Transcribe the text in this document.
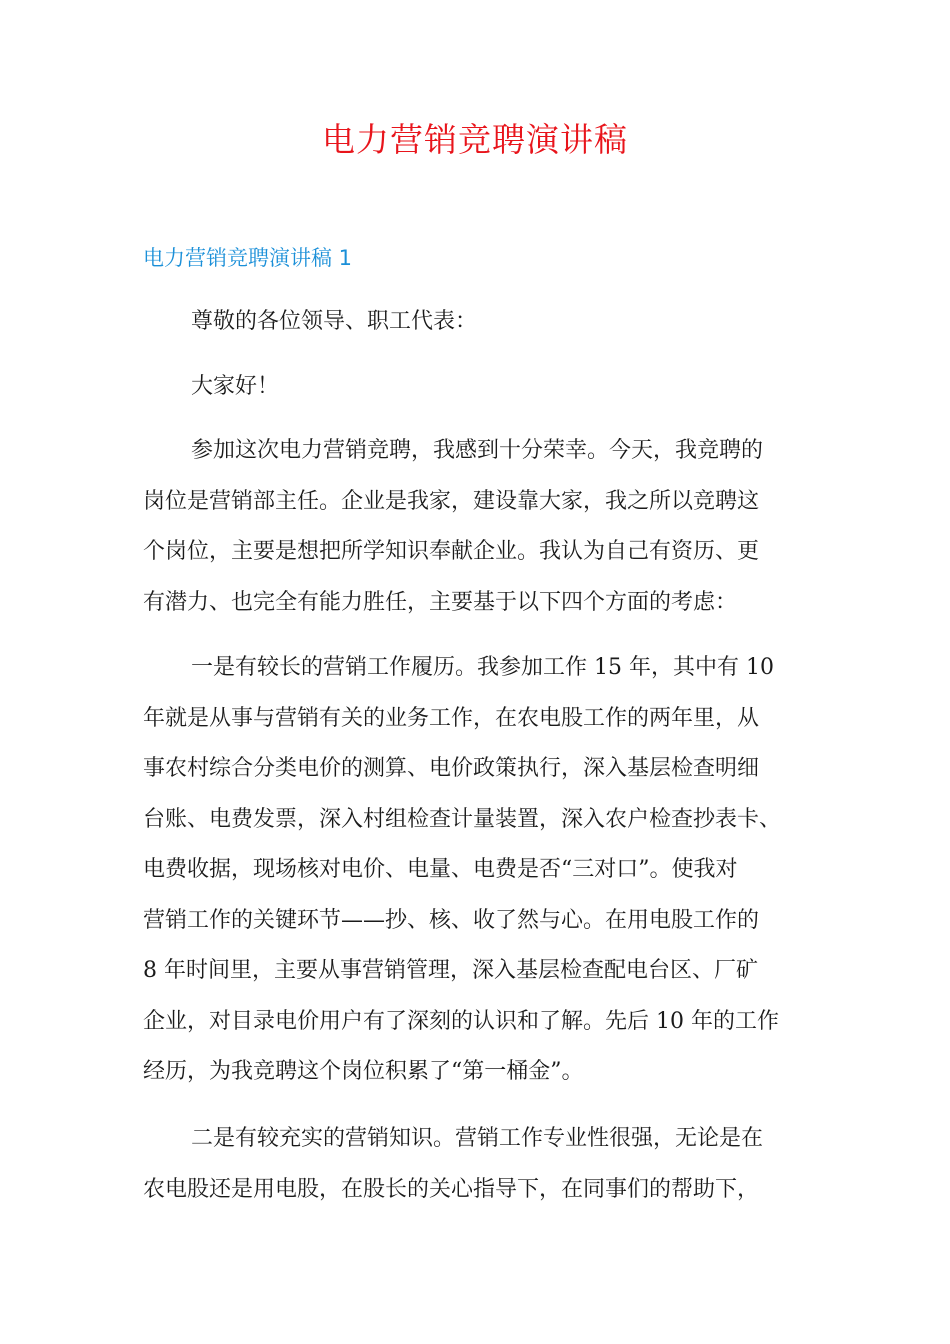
电力营销竞聘演讲稿
电力营销竞聘演讲稿 1

尊敬的各位领导、职工代表：

大家好！

参加这次电力营销竞聘，我感到十分荣幸。今天，我竞聘的
岗位是营销部主任。企业是我家，建设靠大家，我之所以竞聘这
个岗位，主要是想把所学知识奉献企业。我认为自己有资历、更
有潜力、也完全有能力胜任，主要基于以下四个方面的考虑：

一是有较长的营销工作履历。我参加工作 15 年，其中有 10
年就是从事与营销有关的业务工作，在农电股工作的两年里，从
事农村综合分类电价的测算、电价政策执行，深入基层检查明细
台账、电费发票，深入村组检查计量装置，深入农户检查抄表卡、
电费收据，现场核对电价、电量、电费是否“三对口”。使我对
营销工作的关键环节——抄、核、收了然与心。在用电股工作的
8 年时间里，主要从事营销管理，深入基层检查配电台区、厂矿
企业，对目录电价用户有了深刻的认识和了解。先后 10 年的工作
经历，为我竞聘这个岗位积累了“第一桶金”。

二是有较充实的营销知识。营销工作专业性很强，无论是在
农电股还是用电股，在股长的关心指导下，在同事们的帮助下，
